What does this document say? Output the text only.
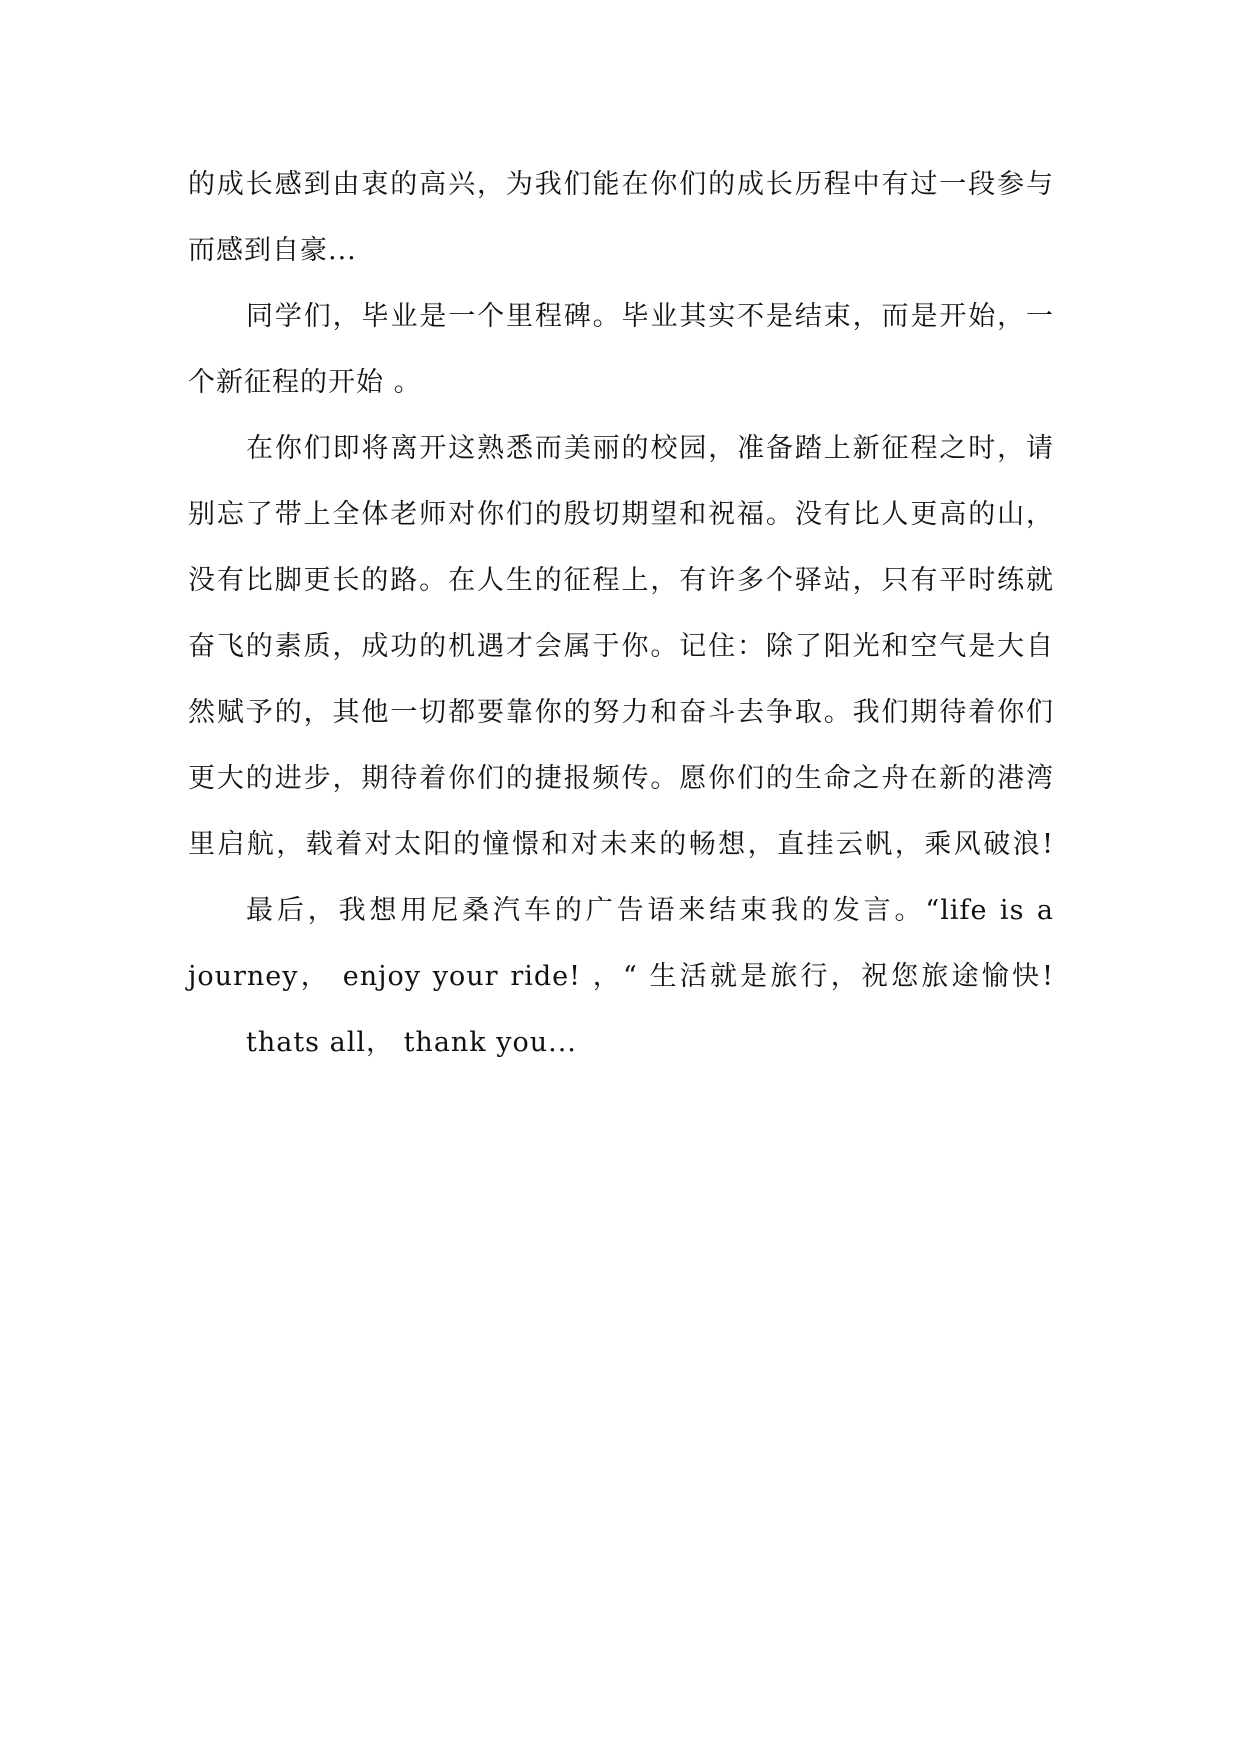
的成长感到由衷的高兴，为我们能在你们的成长历程中有过一段参与
而感到自豪...
同学们，毕业是一个里程碑。毕业其实不是结束，而是开始，一
个新征程的开始 。
在你们即将离开这熟悉而美丽的校园，准备踏上新征程之时，请
别忘了带上全体老师对你们的殷切期望和祝福。没有比人更高的山，
没有比脚更长的路。在人生的征程上，有许多个驿站，只有平时练就
奋飞的素质，成功的机遇才会属于你。记住：除了阳光和空气是大自
然赋予的，其他一切都要靠你的努力和奋斗去争取。我们期待着你们
更大的进步，期待着你们的捷报频传。愿你们的生命之舟在新的港湾
里启航，载着对太阳的憧憬和对未来的畅想，直挂云帆，乘风破浪!
最后，我想用尼桑汽车的广告语来结束我的发言。“life is a
journey， enjoy your ride! ，“ 生活就是旅行，祝您旅途愉快!
thats all， thank you...
